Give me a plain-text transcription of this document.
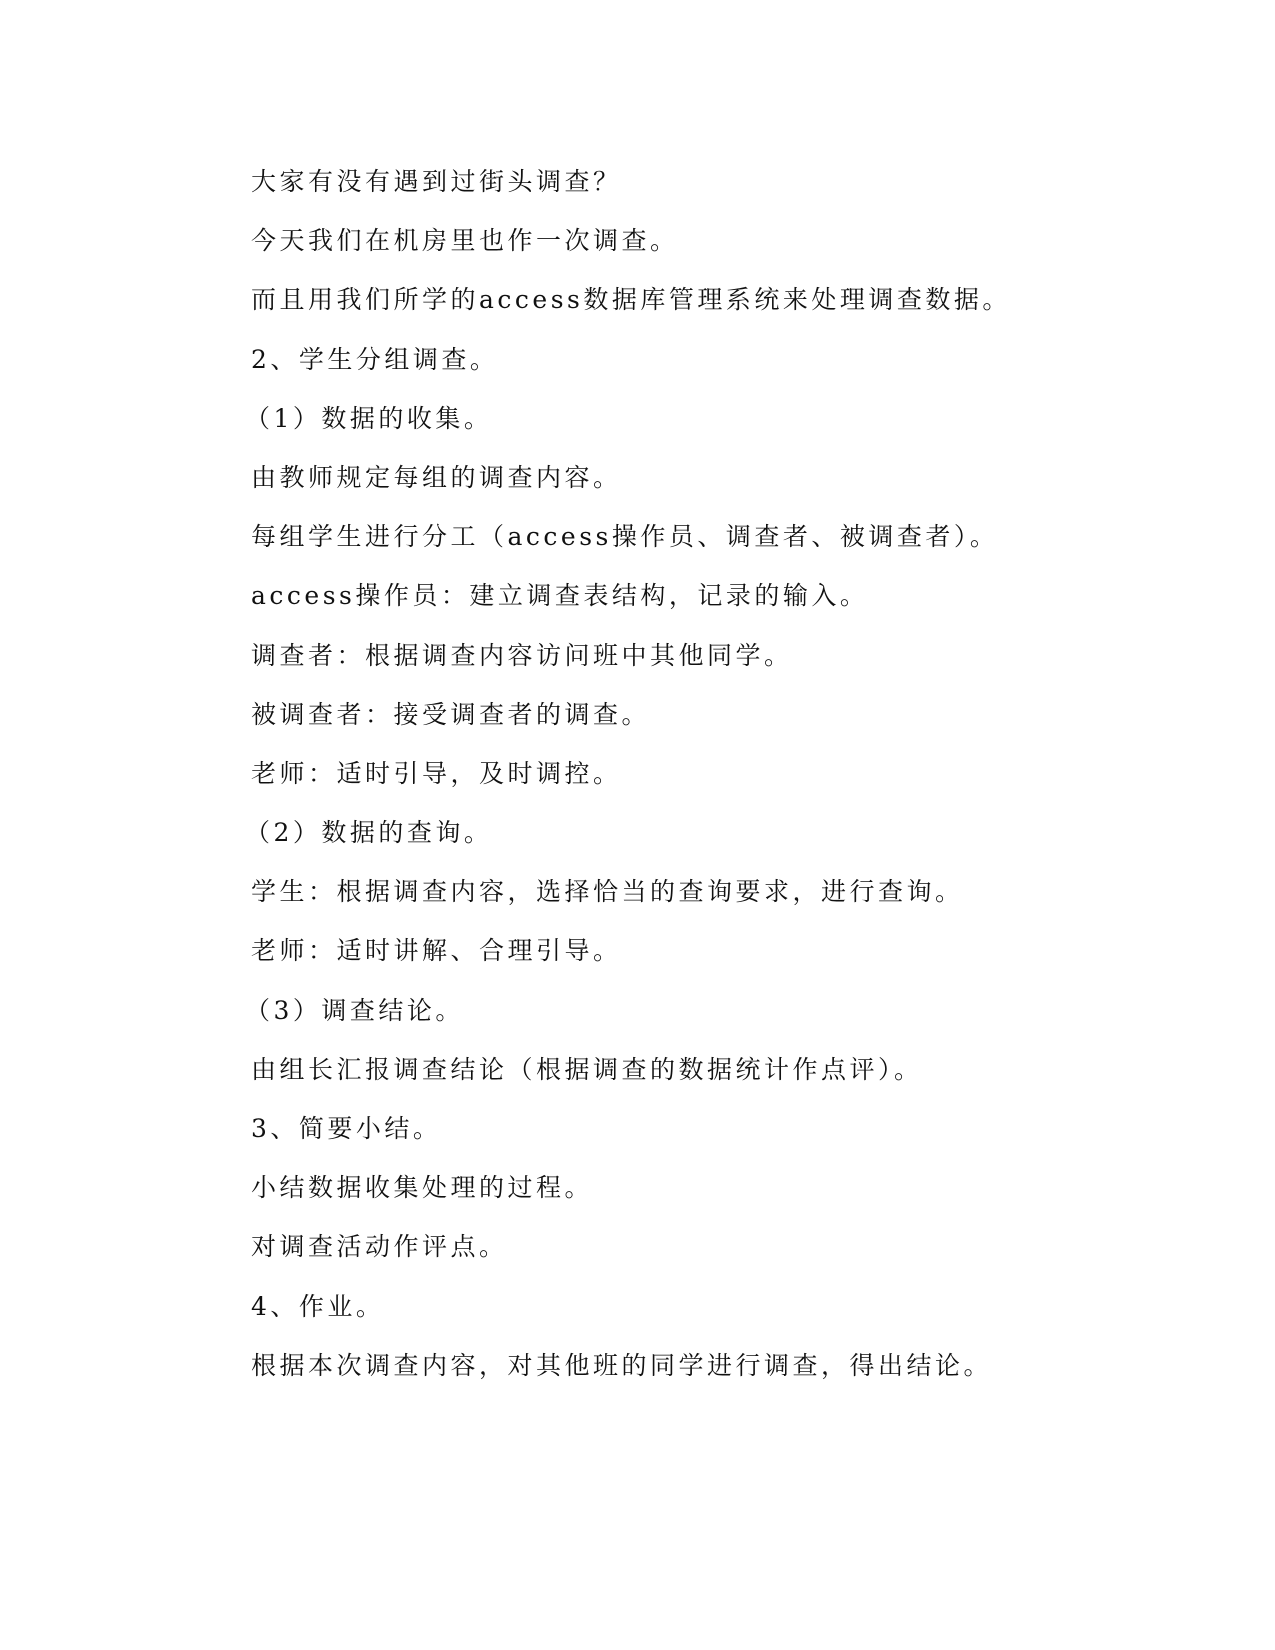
大家有没有遇到过街头调查？
今天我们在机房里也作一次调查。
而且用我们所学的access数据库管理系统来处理调查数据。
2、学生分组调查。
（1）数据的收集。
由教师规定每组的调查内容。
每组学生进行分工（access操作员、调查者、被调查者）。
access操作员：建立调查表结构，记录的输入。
调查者：根据调查内容访问班中其他同学。
被调查者：接受调查者的调查。
老师：适时引导，及时调控。
（2）数据的查询。
学生：根据调查内容，选择恰当的查询要求，进行查询。
老师：适时讲解、合理引导。
（3）调查结论。
由组长汇报调查结论（根据调查的数据统计作点评）。
3、简要小结。
小结数据收集处理的过程。
对调查活动作评点。
4、作业。
根据本次调查内容，对其他班的同学进行调查，得出结论。
